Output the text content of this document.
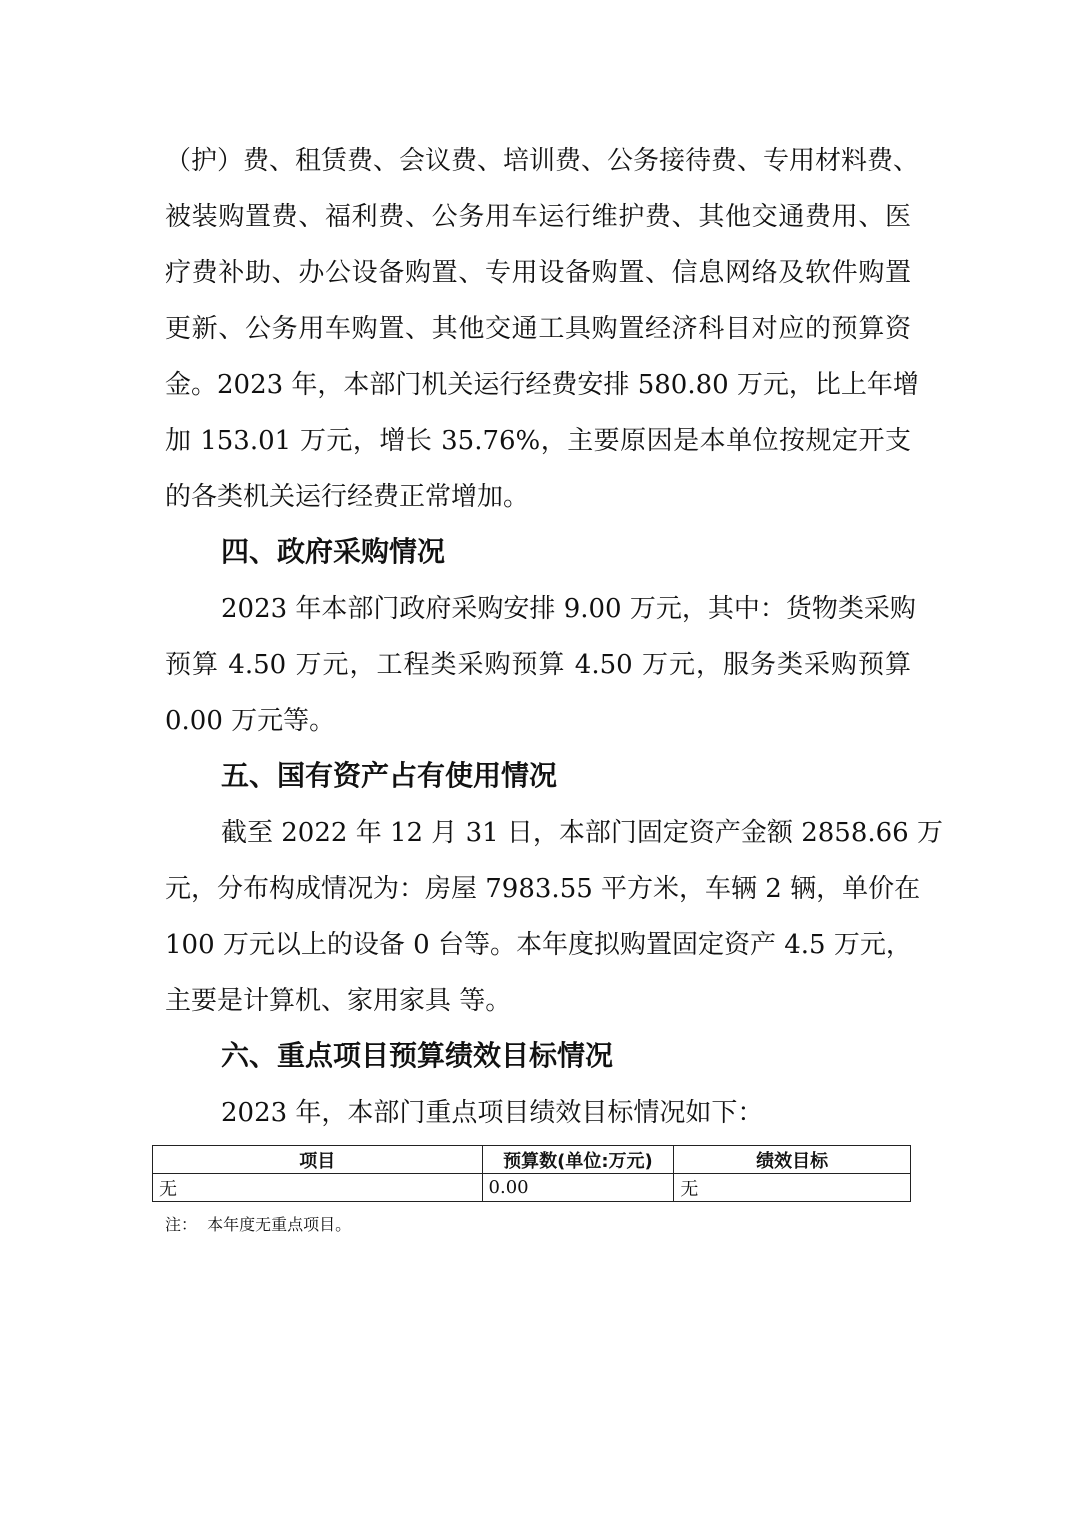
（护）费、租赁费、会议费、培训费、公务接待费、专用材料费、
被装购置费、福利费、公务用车运行维护费、其他交通费用、医
疗费补助、办公设备购置、专用设备购置、信息网络及软件购置
更新、公务用车购置、其他交通工具购置经济科目对应的预算资
金。2023 年，本部门机关运行经费安排 580.80 万元，比上年增
加 153.01 万元，增长 35.76%，主要原因是本单位按规定开支
的各类机关运行经费正常增加。
四、政府采购情况
2023 年本部门政府采购安排 9.00 万元，其中：货物类采购
预算 4.50 万元，工程类采购预算 4.50 万元，服务类采购预算
0.00 万元等。
五、国有资产占有使用情况
截至 2022 年 12 月 31 日，本部门固定资产金额 2858.66 万
元，分布构成情况为：房屋 7983.55 平方米，车辆 2 辆，单价在
100 万元以上的设备 0 台等。本年度拟购置固定资产 4.5 万元，
主要是计算机、家用家具 等。
六、重点项目预算绩效目标情况
2023 年，本部门重点项目绩效目标情况如下：
项目	预算数(单位:万元)	绩效目标
无	0.00	无
注：  本年度无重点项目。
